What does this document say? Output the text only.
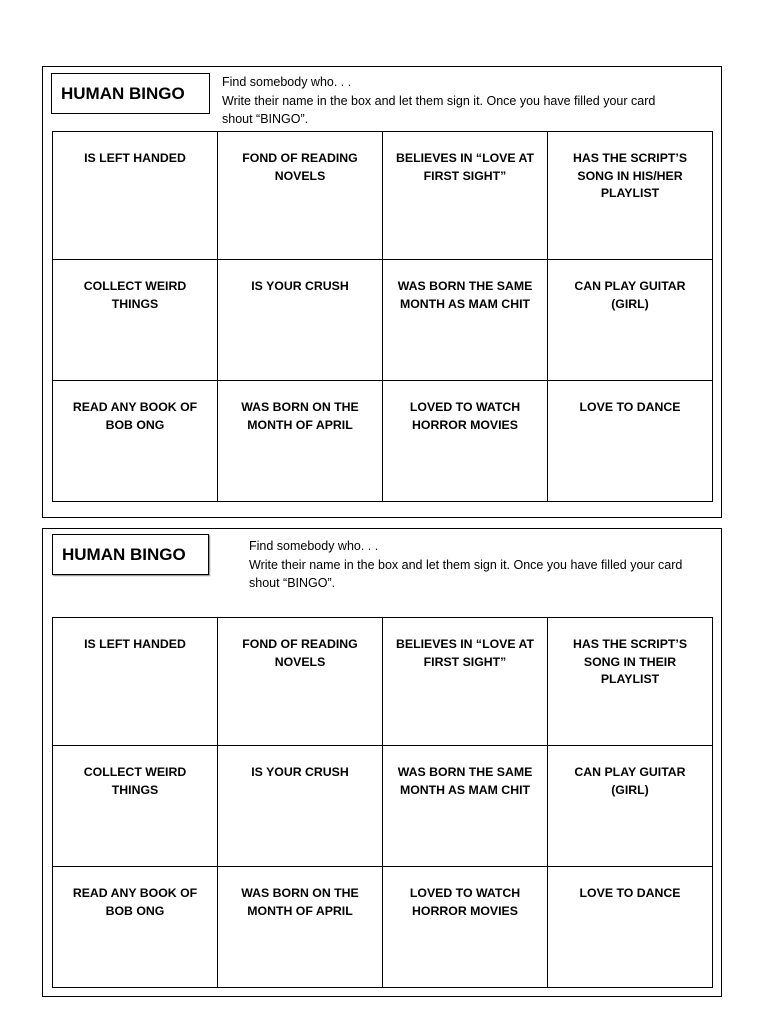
HUMAN BINGO
Find somebody who. . .
Write their name in the box and let them sign it. Once you have filled your card
shout “BINGO”.
IS LEFT HANDED	FOND OF READING NOVELS	BELIEVES IN “LOVE AT FIRST SIGHT”	HAS THE SCRIPT’S SONG IN HIS/HER PLAYLIST
COLLECT WEIRD THINGS	IS YOUR CRUSH	WAS BORN THE SAME MONTH AS MAM CHIT	CAN PLAY GUITAR (GIRL)
READ ANY BOOK OF BOB ONG	WAS BORN ON THE MONTH OF APRIL	LOVED TO WATCH HORROR MOVIES	LOVE TO DANCE
HUMAN BINGO	Find somebody who. . .
Write their name in the box and let them sign it. Once you have filled your card
shout “BINGO”.
IS LEFT HANDED	FOND OF READING NOVELS	BELIEVES IN “LOVE AT FIRST SIGHT”	HAS THE SCRIPT’S SONG IN THEIR PLAYLIST
COLLECT WEIRD THINGS	IS YOUR CRUSH	WAS BORN THE SAME MONTH AS MAM CHIT	CAN PLAY GUITAR (GIRL)
READ ANY BOOK OF BOB ONG	WAS BORN ON THE MONTH OF APRIL	LOVED TO WATCH HORROR MOVIES	LOVE TO DANCE
